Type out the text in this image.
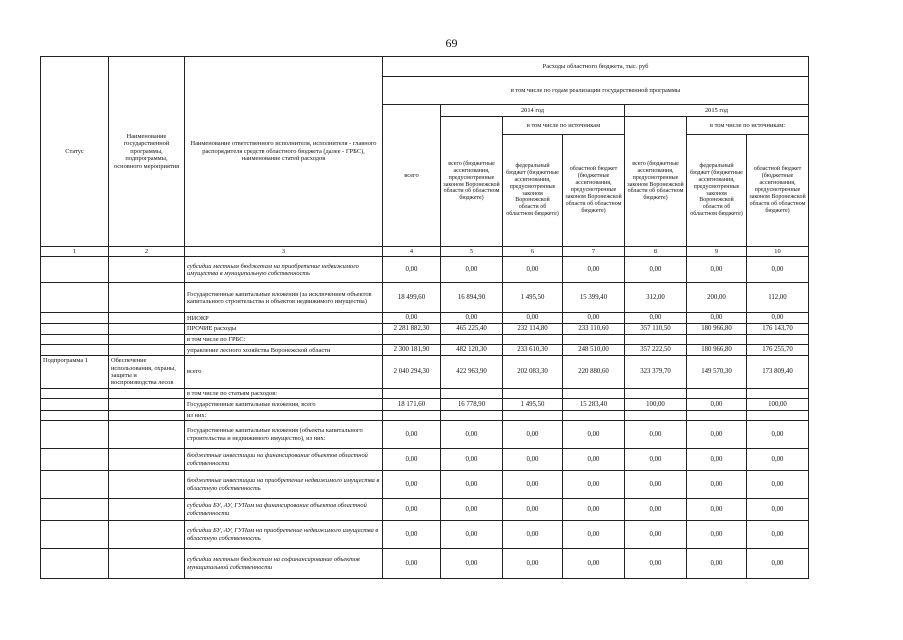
69
Статус	Наименование государственной программы, подпрограммы, основного мероприятия	Наименование ответственного исполнителя, исполнителя - главного распорядителя средств областного бюджета (далее - ГРБС), наименование статей расходов	Расходы областного бюджета, тыс. руб						
			в том числе по годам реализации государственной программы						
			всего	2014 год			2015 год		
				всего (бюджетные ассигнования, предусмотренные законом Воронежской области об областном бюджете)	в том числе по источникам		всего (бюджетные ассигнования, предусмотренные законом Воронежской области об областном бюджете)	в том числе по источникам:	
					федеральный бюджет (бюджетные ассигнования, предусмотренные законом Воронежской области об областном бюджете)	областной бюджет (бюджетные ассигнования, предусмотренные законом Воронежской области об областном бюджете)		федеральный бюджет (бюджетные ассигнования, предусмотренные законом Воронежской области об областном бюджете)	областной бюджет (бюджетные ассигнования, предусмотренные законом Воронежской области об областном бюджете)
1	2	3	4	5	6	7	8	9	10
		субсидии местным бюджетам на приобретение недвижимого имущества в муниципальную собственность	0,00	0,00	0,00	0,00	0,00	0,00	0,00
		Государственные капитальные вложения (за исключением объектов капитального строительства и объектов недвижимого имущества)	18 499,60	16 894,90	1 495,50	15 399,40	312,00	200,00	112,00
		НИОКР	0,00	0,00	0,00	0,00	0,00	0,00	0,00
		ПРОЧИЕ расходы	2 281 882,30	465 225,40	232 114,80	233 110,60	357 110,50	180 966,80	176 143,70
		в том числе по ГРБС:							
		управление лесного хозяйства Воронежской области	2 300 181,90	482 120,30	233 610,30	248 510,00	357 222,50	180 966,80	176 255,70
Подпрограмма 1	Обеспечение использования, охраны, защиты и воспроизводства лесов	всего	2 040 294,30	422 963,90	202 083,30	220 880,60	323 379,70	149 570,30	173 809,40
		в том числе по статьям расходов:							
		Государственные капитальные вложения, всего	18 171,60	16 778,90	1 495,50	15 283,40	100,00	0,00	100,00
		из них:							
		Государственные капитальные вложения (объекты капитального строительства и недвижимого имущество), из них:	0,00	0,00	0,00	0,00	0,00	0,00	0,00
		бюджетные инвестиции на финансирование объектов областной собственности	0,00	0,00	0,00	0,00	0,00	0,00	0,00
		бюджетные инвестиции на приобретение недвижимого имущества в областную собственность	0,00	0,00	0,00	0,00	0,00	0,00	0,00
		субсидии БУ, АУ, ГУПам на финансирование объектов областной собственности	0,00	0,00	0,00	0,00	0,00	0,00	0,00
		субсидии БУ, АУ, ГУПам на приобретение недвижимого имущества в областную собственность	0,00	0,00	0,00	0,00	0,00	0,00	0,00
		субсидии местным бюджетам на софинансирование объектов муниципальной собственности	0,00	0,00	0,00	0,00	0,00	0,00	0,00
